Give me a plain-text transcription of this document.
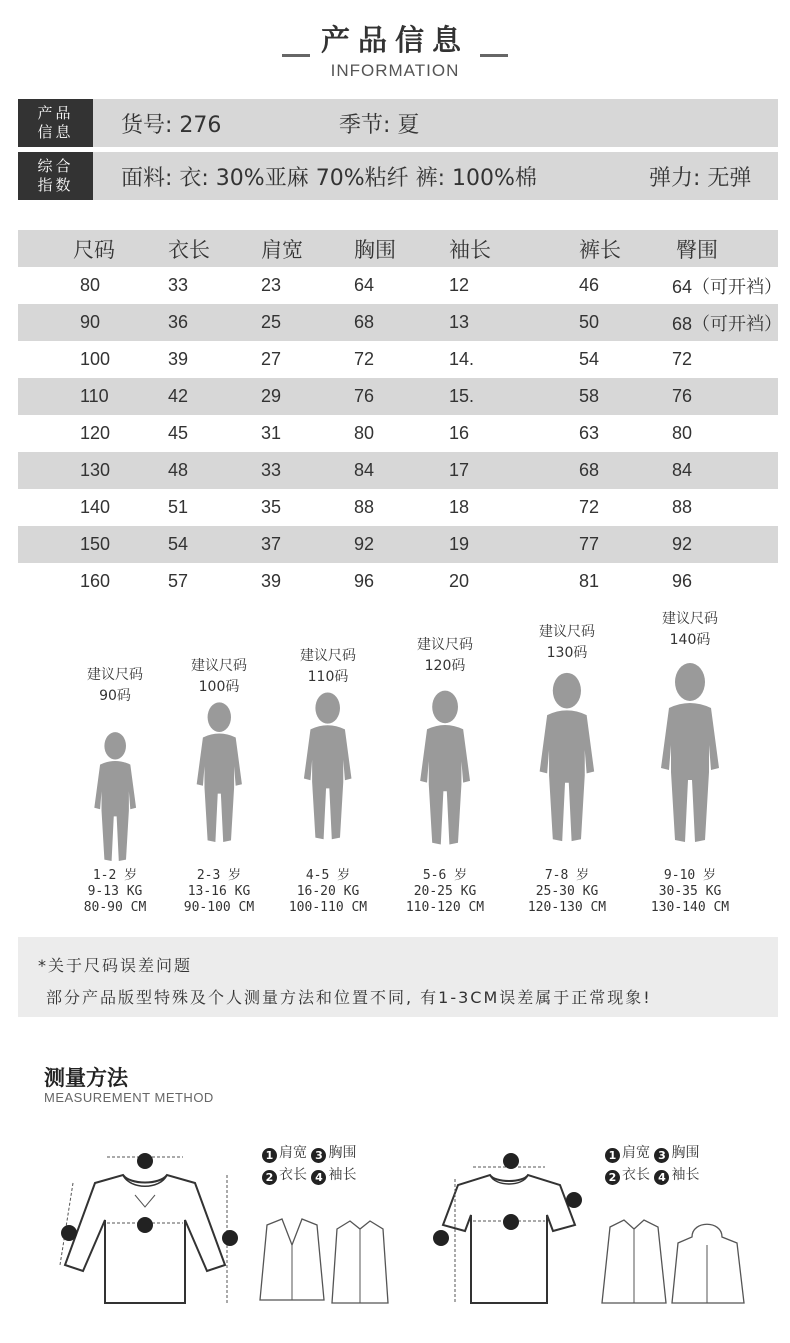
产品信息
INFORMATION
产品
信息	货号: 276	季节: 夏
综合
指数	面料: 衣: 30%亚麻 70%粘纤 裤: 100%棉	弹力: 无弹
尺码	衣长	肩宽	胸围	袖长	裤长	臀围
80	33	23	64	12	46	64（可开裆）
90	36	25	68	13	50	68（可开裆）
100	39	27	72	14.	54	72
110	42	29	76	15.	58	76
120	45	31	80	16	63	80
130	48	33	84	17	68	84
140	51	35	88	18	72	88
150	54	37	92	19	77	92
160	57	39	96	20	81	96
建议尺码
90码
1-2 岁
9-13 KG
80-90 CM
建议尺码
100码
2-3 岁
13-16 KG
90-100 CM
建议尺码
110码
4-5 岁
16-20 KG
100-110 CM
建议尺码
120码
5-6 岁
20-25 KG
110-120 CM
建议尺码
130码
7-8 岁
25-30 KG
120-130 CM
建议尺码
140码
9-10 岁
30-35 KG
130-140 CM
*关于尺码误差问题
部分产品版型特殊及个人测量方法和位置不同, 有1-3CM误差属于正常现象!
测量方法
MEASUREMENT METHOD
1 肩宽 3 胸围
2 衣长 4 袖长
1 肩宽 3 胸围
2 衣长 4 袖长
